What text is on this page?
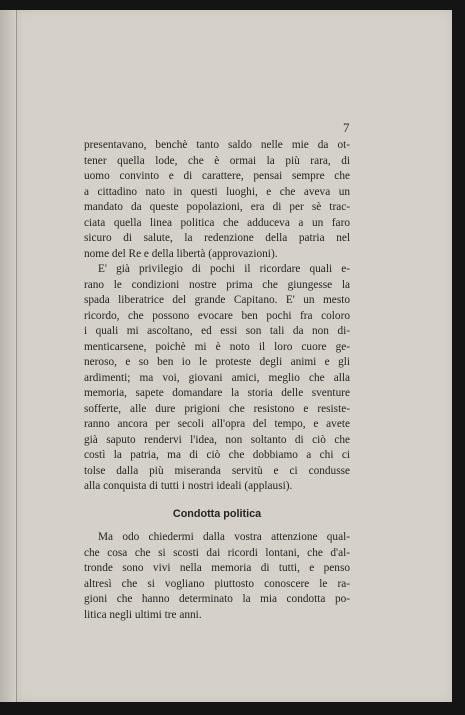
7
presentavano, benchè tanto saldo nelle mie da ot-
tener quella lode, che è ormai la più rara, di
uomo convinto e di carattere, pensai sempre che
a cittadino nato in questi luoghi, e che aveva un
mandato da queste popolazioni, era di per sè trac-
ciata quella linea politica che adduceva a un faro
sicuro di salute, la redenzione della patria nel
nome del Re e della libertà (approvazioni).
E' già privilegio di pochi il ricordare quali e-
rano le condizioni nostre prima che giungesse la
spada liberatrice del grande Capitano. E' un mesto
ricordo, che possono evocare ben pochi fra coloro
i quali mi ascoltano, ed essi son tali da non di-
menticarsene, poichè mi è noto il loro cuore ge-
neroso, e so ben io le proteste degli animi e gli
ardimenti; ma voi, giovani amici, meglio che alla
memoria, sapete domandare la storia delle sventure
sofferte, alle dure prigioni che resistono e resiste-
ranno ancora per secoli all'opra del tempo, e avete
già saputo rendervi l'idea, non soltanto di ciò che
costì la patria, ma di ciò che dobbiamo a chi ci
tolse dalla più miseranda servitù e ci condusse
alla conquista di tutti i nostri ideali (applausi).
Condotta politica
Ma odo chiedermi dalla vostra attenzione qual-
che cosa che si scosti dai ricordi lontani, che d'al-
tronde sono vivi nella memoria di tutti, e penso
altresì che si vogliano piuttosto conoscere le ra-
gioni che hanno determinato la mia condotta po-
litica negli ultimi tre anni.
